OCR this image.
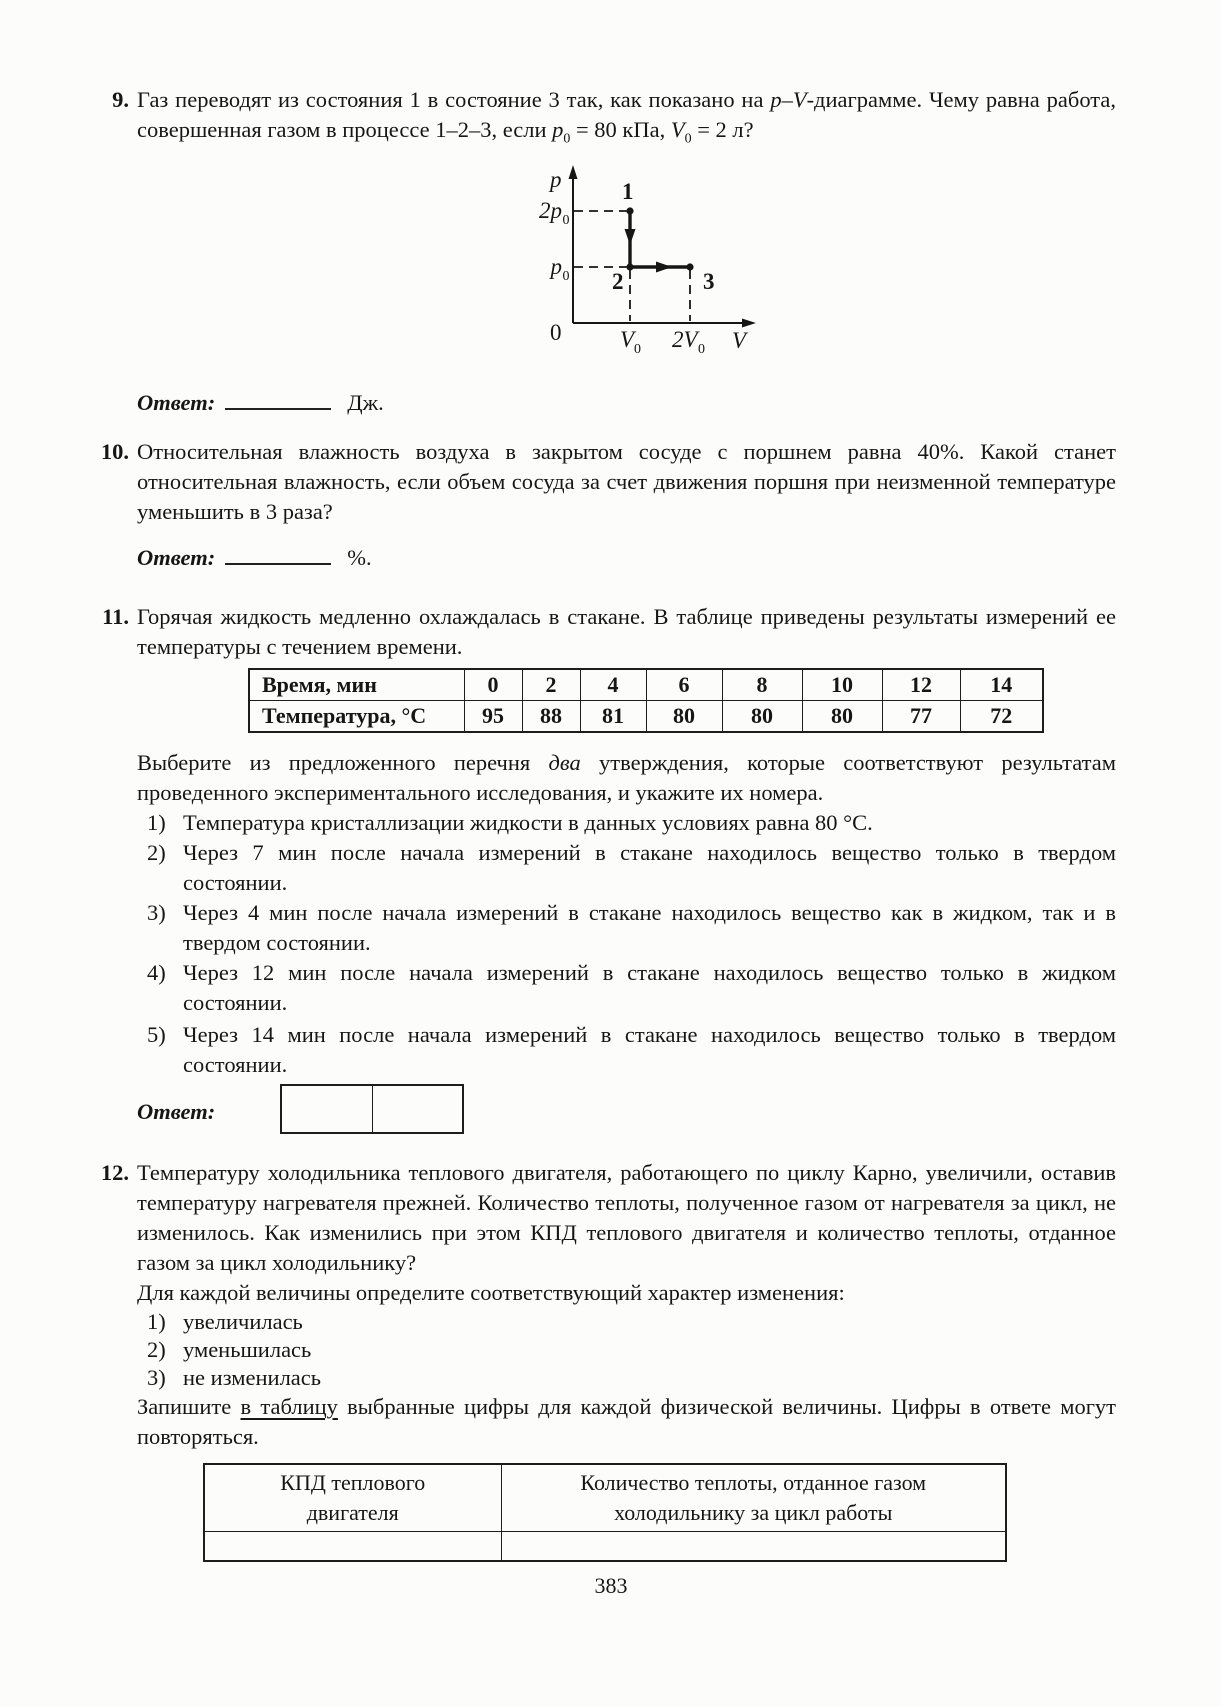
9. Газ переводят из состояния 1 в состояние 3 так, как показано на p–V-диаграмме. Чему равна работа, совершенная газом в процессе 1–2–3, если $p_0 = 80$ кПа, $V_0 = 2$ л?
p
V
0
2p 0
p 0
1
2	3
V 0 2V 0
Ответ:	Дж.
10. Относительная влажность воздуха в закрытом сосуде с поршнем равна 40%. Какой станет относительная влажность, если объем сосуда за счет движения поршня при неизменной температуре уменьшить в 3 раза?
Ответ:	%.
11. Горячая жидкость медленно охлаждалась в стакане. В таблице приведены результаты измерений ее температуры с течением времени.
Время, мин	0	2	4	6	8	10	12	14
Температура, °С	95	88	81	80	80	80	77	72
Выберите из предложенного перечня два утверждения, которые соответствуют результатам проведенного экспериментального исследования, и укажите их номера.
1) Температура кристаллизации жидкости в данных условиях равна 80 °С.
2) Через 7 мин после начала измерений в стакане находилось вещество только в твердом состоянии.
3) Через 4 мин после начала измерений в стакане находилось вещество как в жидком, так и в твердом состоянии.
4) Через 12 мин после начала измерений в стакане находилось вещество только в жидком состоянии.
5) Через 14 мин после начала измерений в стакане находилось вещество только в твердом состоянии.
Ответ:
12. Температуру холодильника теплового двигателя, работающего по циклу Карно, увеличили, оставив температуру нагревателя прежней. Количество теплоты, полученное газом от нагревателя за цикл, не изменилось. Как изменились при этом КПД теплового двигателя и количество теплоты, отданное газом за цикл холодильнику?
Для каждой величины определите соответствующий характер изменения:
1) увеличилась
2) уменьшилась
3) не изменилась
Запишите в таблицу выбранные цифры для каждой физической величины. Цифры в ответе могут повторяться.
КПД теплового двигателя	Количество теплоты, отданное газом холодильнику за цикл работы

383
